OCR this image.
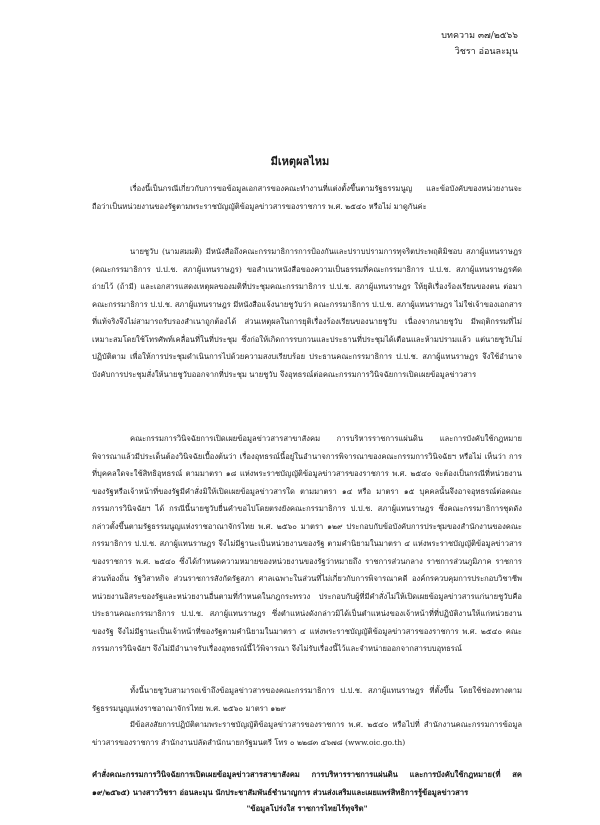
บทความ ๓๗/๒๕๖๖
วิชรา อ่อนละมุน
มีเหตุผลไหม

เรื่องนี้เป็นกรณีเกี่ยวกับการขอข้อมูลเอกสารของคณะทำงานที่แต่งตั้งขึ้นตามรัฐธรรมนูญ และข้อบังคับของหน่วยงานจะถือว่าเป็นหน่วยงานของรัฐตามพระราชบัญญัติข้อมูลข่าวสารของราชการ พ.ศ. ๒๕๔๐ หรือไม่ มาดูกันค่ะ

นายชูวับ (นามสมมติ) มีหนังสือถึงคณะกรรมาธิการการป้องกันและปราบปรามการทุจริตประพฤติมิชอบ สภาผู้แทนราษฎร (คณะกรรมาธิการ ป.ป.ช. สภาผู้แทนราษฎร) ขอสำเนาหนังสือของความเป็นธรรมที่คณะกรรมาธิการ ป.ป.ช. สภาผู้แทนราษฎรคัดถ่ายไว้ (ถ้ามี) และเอกสารแสดงเหตุผลของมติที่ประชุมคณะกรรมาธิการ ป.ป.ช. สภาผู้แทนราษฎร ให้ยุติเรื่องร้องเรียนของตน ต่อมาคณะกรรมาธิการ ป.ป.ช. สภาผู้แทนราษฎร มีหนังสือแจ้งนายชูวับว่า คณะกรรมาธิการ ป.ป.ช. สภาผู้แทนราษฎร ไม่ใช่เจ้าของเอกสารที่แท้จริงจึงไม่สามารถรับรองสำเนาถูกต้องได้ ส่วนเหตุผลในการยุติเรื่องร้องเรียนของนายชูวับ เนื่องจากนายชูวับ มีพฤติกรรมที่ไม่เหมาะสมโดยใช้โทรศัพท์เคลื่อนที่ในที่ประชุม ซึ่งก่อให้เกิดการรบกวนและประธานที่ประชุมได้เตือนและห้ามปรามแล้ว แต่นายชูวับไม่ปฏิบัติตาม เพื่อให้การประชุมดำเนินการไปด้วยความสงบเรียบร้อย ประธานคณะกรรมาธิการ ป.ป.ช. สภาผู้แทนราษฎร จึงใช้อำนาจบังคับการประชุมสั่งให้นายชูวับออกจากที่ประชุม นายชูวับ จึงอุทธรณ์ต่อคณะกรรมการวินิจฉัยการเปิดเผยข้อมูลข่าวสาร

คณะกรรมการวินิจฉัยการเปิดเผยข้อมูลข่าวสารสาขาสังคม การบริหารราชการแผ่นดิน และการบังคับใช้กฎหมาย พิจารณาแล้วมีประเด็นต้องวินิจฉัยเบื้องต้นว่า เรื่องอุทธรณ์นี้อยู่ในอำนาจการพิจารณาของคณะกรรมการวินิจฉัยฯ หรือไม่ เห็นว่า การที่บุคคลใดจะใช้สิทธิอุทธรณ์ ตามมาตรา ๑๘ แห่งพระราชบัญญัติข้อมูลข่าวสารของราชการ พ.ศ. ๒๕๔๐ จะต้องเป็นกรณีที่หน่วยงานของรัฐหรือเจ้าหน้าที่ของรัฐมีคำสั่งมิให้เปิดเผยข้อมูลข่าวสารใด ตามมาตรา ๑๔ หรือ มาตรา ๑๕ บุคคลนั้นจึงอาจอุทธรณ์ต่อคณะกรรมการวินิจฉัยฯ ได้ กรณีนี้นายชูวับยื่นคำขอไปโดยตรงยังคณะกรรมาธิการ ป.ป.ช. สภาผู้แทนราษฎร ซึ่งคณะกรรมาธิการชุดดังกล่าวตั้งขึ้นตามรัฐธรรมนูญแห่งราชอาณาจักรไทย พ.ศ. ๒๕๖๐ มาตรา ๑๒๙ ประกอบกับข้อบังคับการประชุมของสำนักงานของคณะกรรมาธิการ ป.ป.ช. สภาผู้แทนราษฎร จึงไม่มีฐานะเป็นหน่วยงานของรัฐ ตามคำนิยามในมาตรา ๔ แห่งพระราชบัญญัติข้อมูลข่าวสารของราชการ พ.ศ. ๒๕๔๐ ซึ่งได้กำหนดความหมายของหน่วยงานของรัฐว่าหมายถึง ราชการส่วนกลาง ราชการส่วนภูมิภาค ราชการส่วนท้องถิ่น รัฐวิสาหกิจ ส่วนราชการสังกัดรัฐสภา ศาลเฉพาะในส่วนที่ไม่เกี่ยวกับการพิจารณาคดี องค์กรควบคุมการประกอบวิชาชีพ หน่วยงานอิสระของรัฐและหน่วยงานอื่นตามที่กำหนดในกฎกระทรวง ประกอบกับผู้ที่มีคำสั่งไม่ให้เปิดเผยข้อมูลข่าวสารแก่นายชูวับคือ ประธานคณะกรรมาธิการ ป.ป.ช. สภาผู้แทนราษฎร ซึ่งตำแหน่งดังกล่าวมิได้เป็นตำแหน่งของเจ้าหน้าที่ที่ปฏิบัติงานให้แก่หน่วยงานของรัฐ จึงไม่มีฐานะเป็นเจ้าหน้าที่ของรัฐตามคำนิยามในมาตรา ๔ แห่งพระราชบัญญัติข้อมูลข่าวสารของราชการ พ.ศ. ๒๕๔๐ คณะกรรมการวินิจฉัยฯ จึงไม่มีอำนาจรับเรื่องอุทธรณ์นี้ไว้พิจารณา จึงไม่รับเรื่องนี้ไว้และจำหน่ายออกจากสารบบอุทธรณ์

ทั้งนี้นายชูวับสามารถเข้าถึงข้อมูลข่าวสารของคณะกรรมาธิการ ป.ป.ช. สภาผู้แทนราษฎร ที่ตั้งขึ้น โดยใช้ช่องทางตามรัฐธรรมนูญแห่งราชอาณาจักรไทย พ.ศ. ๒๕๖๐ มาตรา ๑๒๙

มีข้อสงสัยการปฏิบัติตามพระราชบัญญัติข้อมูลข่าวสารของราชการ พ.ศ. ๒๕๔๐ หรือไปที่ สำนักงานคณะกรรมการข้อมูลข่าวสารของราชการ สำนักงานปลัดสำนักนายกรัฐมนตรี โทร ๐ ๒๒๘๓ ๔๖๗๘ (www.oic.go.th)

คำสั่งคณะกรรมการวินิจฉัยการเปิดเผยข้อมูลข่าวสารสาขาสังคม การบริหารราชการแผ่นดิน และการบังคับใช้กฎหมาย(ที่ สค ๑๙/๒๕๖๕) นางสาววิชรา อ่อนละมุน นักประชาสัมพันธ์ชำนาญการ ส่วนส่งเสริมและเผยแพร่สิทธิการรู้ข้อมูลข่าวสาร

"ข้อมูลโปร่งใส ราชการไทยไร้ทุจริต"
